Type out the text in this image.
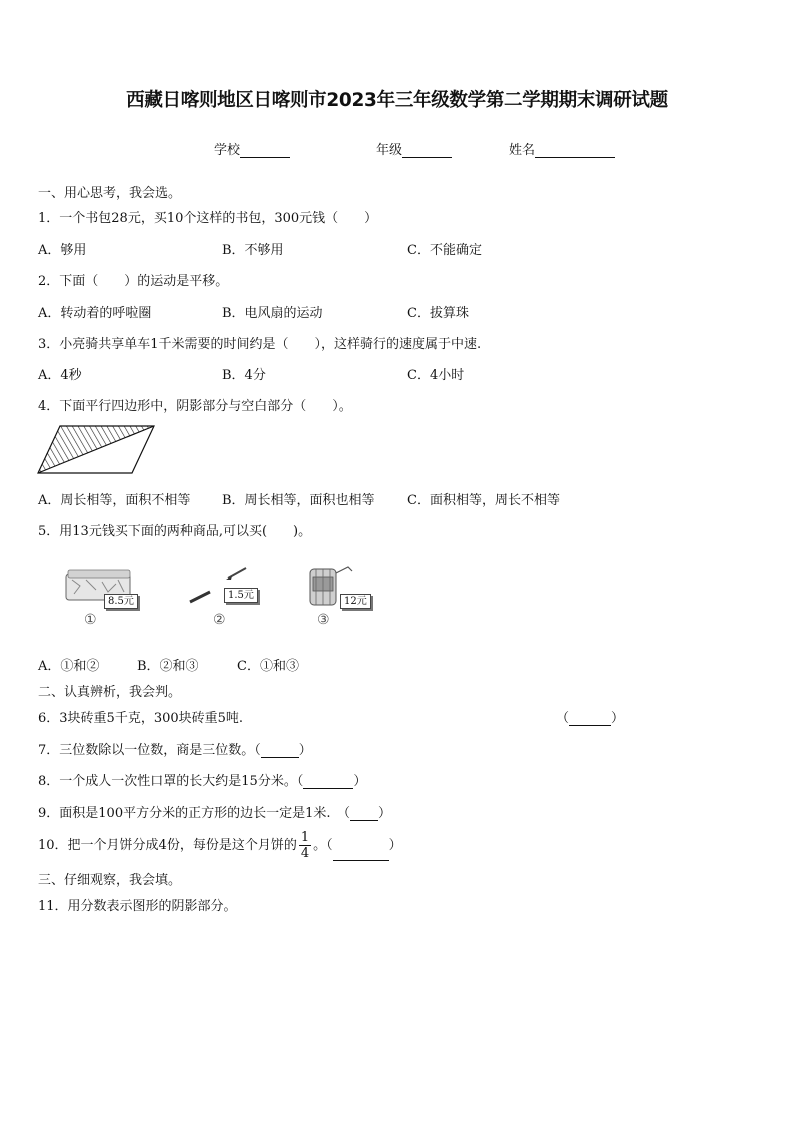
西藏日喀则地区日喀则市2023年三年级数学第二学期期末调研试题
学校	年级	姓名
一、用心思考，我会选。
1．一个书包28元，买10个这样的书包，300元钱（　　）
A．够用	B．不够用	C．不能确定
2．下面（　　）的运动是平移。
A．转动着的呼啦圈	B．电风扇的运动	C．拔算珠
3．小亮骑共享单车1千米需要的时间约是（　　），这样骑行的速度属于中速.
A．4秒	B．4分	C．4小时
4．下面平行四边形中，阴影部分与空白部分（　　）。
A．周长相等，面积不相等 B．周长相等，面积也相等 C．面积相等，周长不相等
5．用13元钱买下面的两种商品,可以买(　　)。
8.5元
①
1.5元
②
12元
③
A．①和②	B．②和③	C．①和③
二、认真辨析，我会判。
6．3块砖重5千克，300块砖重5吨.	（	）
7．三位数除以一位数，商是三位数。（	）
8．一个成人一次性口罩的长大约是15分米。（	）
9．面积是100平方分米的正方形的边长一定是1米.　（ ）
10．把一个月饼分成4份，每份是这个月饼的 $\frac{1}{4}$ 。（	）
三、仔细观察，我会填。
11．用分数表示图形的阴影部分。
